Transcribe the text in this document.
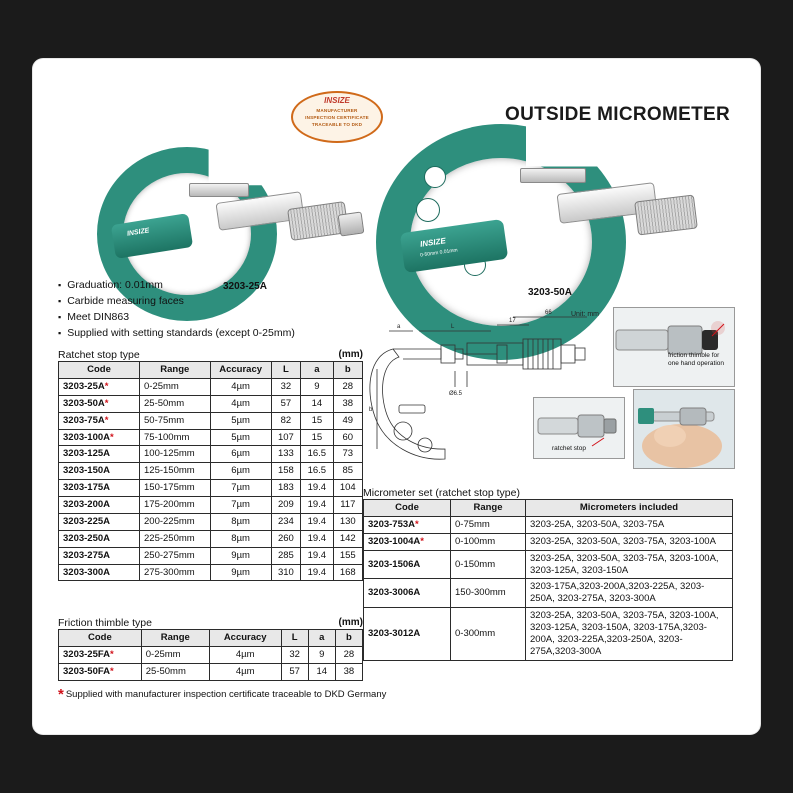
OUTSIDE MICROMETER
INSIZE
MANUFACTURER
INSPECTION CERTIFICATE
TRACEABLE TO DKD
INSIZE
3203-25A
INSIZE
0-50mm 0.01mm
3203-50A
▪ Graduation: 0.01mm
▪ Carbide measuring faces
▪ Meet DIN863
▪ Supplied with setting standards (except 0-25mm)
Ratchet stop type	(mm)
Code	Range	Accuracy	L	a	b
3203-25A*	0-25mm	4µm	32	9	28
3203-50A*	25-50mm	4µm	57	14	38
3203-75A*	50-75mm	5µm	82	15	49
3203-100A*	75-100mm	5µm	107	15	60
3203-125A	100-125mm	6µm	133	16.5	73
3203-150A	125-150mm	6µm	158	16.5	85
3203-175A	150-175mm	7µm	183	19.4	104
3203-200A	175-200mm	7µm	209	19.4	117
3203-225A	200-225mm	8µm	234	19.4	130
3203-250A	225-250mm	8µm	260	19.4	142
3203-275A	250-275mm	9µm	285	19.4	155
3203-300A	275-300mm	9µm	310	19.4	168
Friction thimble type	(mm)
Code	Range	Accuracy	L	a	b
3203-25FA*	0-25mm	4µm	32	9	28
3203-50FA*	25-50mm	4µm	57	14	38
a	L
17
66
b
Ø6.5
Unit: mm
friction thimble for one hand operation
ratchet stop
Micrometer set (ratchet stop type)
Code	Range	Micrometers included
3203-753A*	0-75mm	3203-25A, 3203-50A, 3203-75A
3203-1004A*	0-100mm	3203-25A, 3203-50A, 3203-75A, 3203-100A
3203-1506A	0-150mm	3203-25A, 3203-50A, 3203-75A, 3203-100A, 3203-125A, 3203-150A
3203-3006A	150-300mm	3203-175A,3203-200A,3203-225A, 3203-250A, 3203-275A, 3203-300A
3203-3012A	0-300mm	3203-25A, 3203-50A, 3203-75A, 3203-100A, 3203-125A, 3203-150A, 3203-175A,3203-200A, 3203-225A,3203-250A, 3203-275A,3203-300A
* Supplied with manufacturer inspection certificate traceable to DKD Germany
